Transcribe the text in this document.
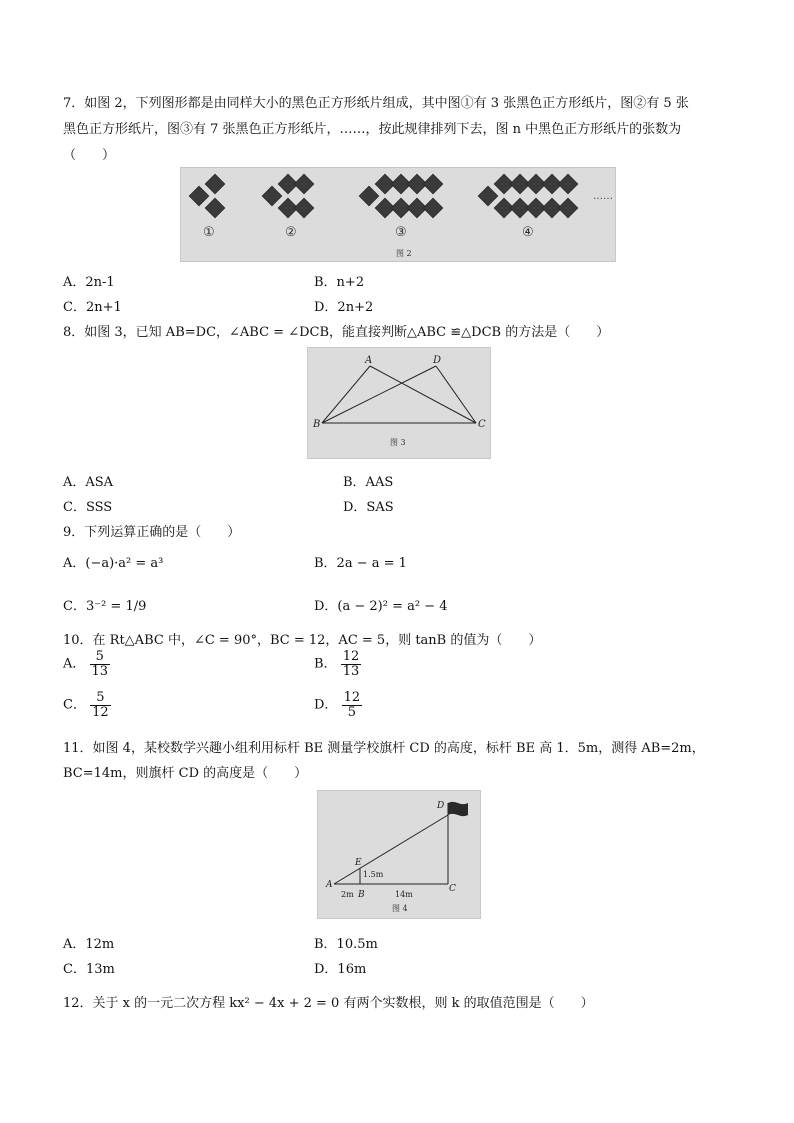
7．如图 2，下列图形都是由同样大小的黑色正方形纸片组成，其中图①有 3 张黑色正方形纸片，图②有 5 张
黑色正方形纸片，图③有 7 张黑色正方形纸片，……，按此规律排列下去，图 n 中黑色正方形纸片的张数为
（　　）
……
①	②	③	④
图 2
A．2n-1	B．n+2
C．2n+1	D．2n+2
8．如图 3，已知 AB=DC，∠ABC = ∠DCB，能直接判断△ABC ≌△DCB 的方法是（　　）
A	D
B	C
图 3
A．ASA	B．AAS
C．SSS	D．SAS
9．下列运算正确的是（　　）
A．(−a)·a² = a³	B．2a − a = 1
C．3⁻² = 1/9	D．(a − 2)² = a² − 4
10．在 Rt△ABC 中，∠C = 90°，BC = 12，AC = 5，则 tanB 的值为（　　）
A． $\frac{5}{13}$	B． $\frac{12}{13}$
C． $\frac{5}{12}$	D． $\frac{12}{5}$
11．如图 4，某校数学兴趣小组利用标杆 BE 测量学校旗杆 CD 的高度，标杆 BE 高 1．5m，测得 AB=2m，
BC=14m，则旗杆 CD 的高度是（　　）
A
B
C
D
E
1.5m
2m	14m
图 4
A．12m	B．10.5m
C．13m	D．16m
12．关于 x 的一元二次方程 kx² − 4x + 2 = 0 有两个实数根，则 k 的取值范围是（　　）
